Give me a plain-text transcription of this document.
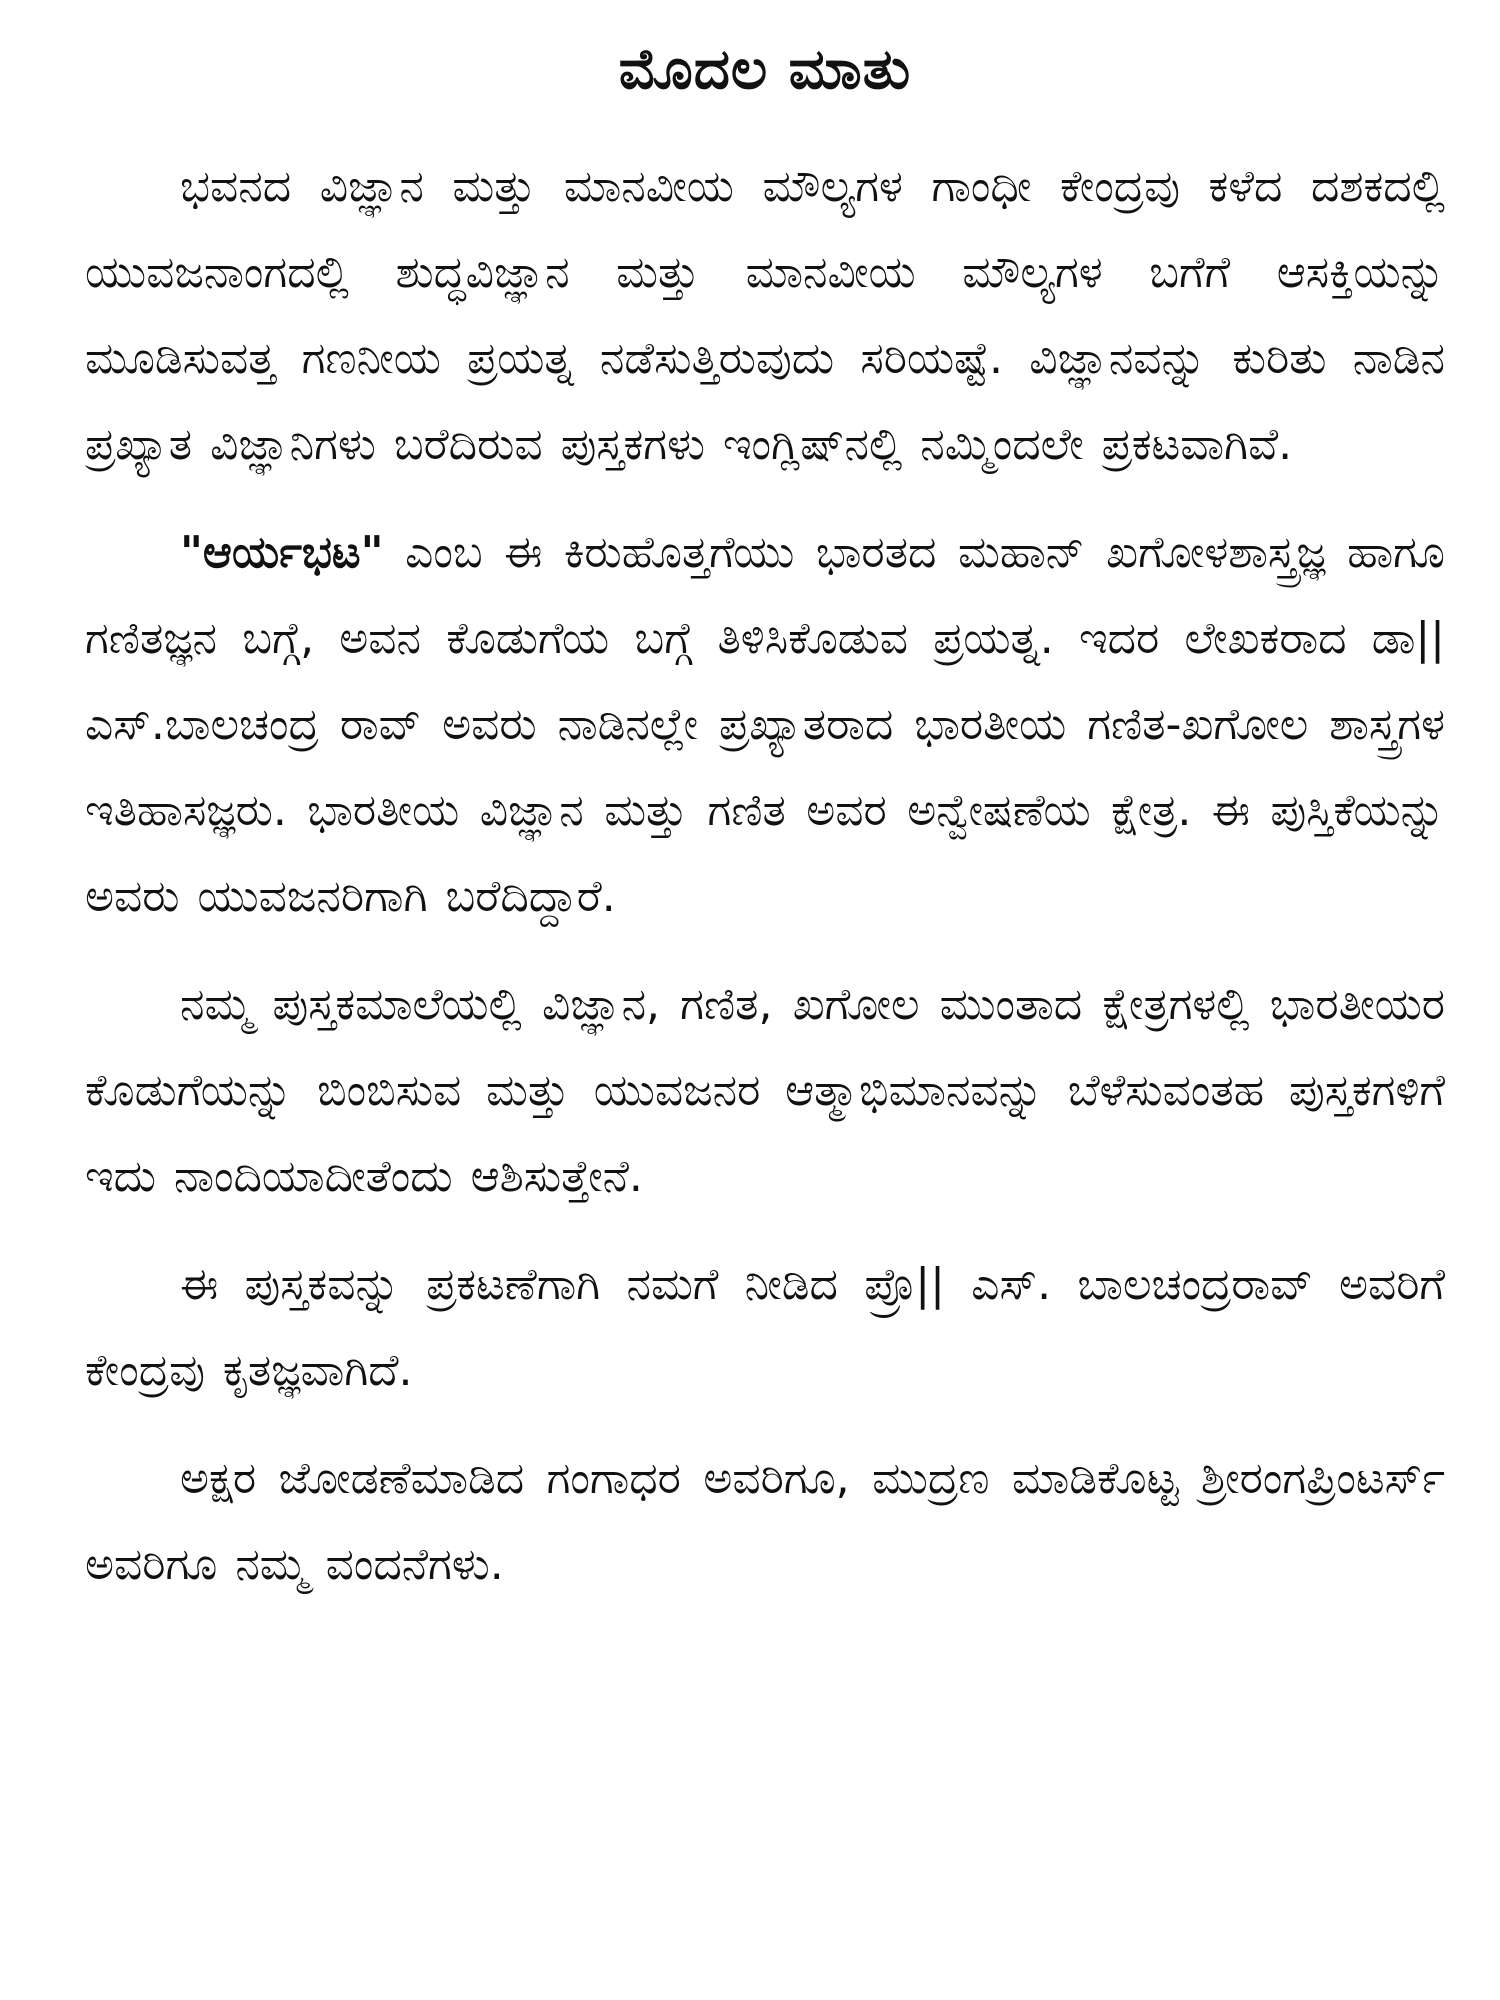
ಮೊದಲ ಮಾತು

ಭವನದ ವಿಜ್ಞಾನ ಮತ್ತು ಮಾನವೀಯ ಮೌಲ್ಯಗಳ ಗಾಂಧೀ ಕೇಂದ್ರವು ಕಳೆದ ದಶಕದಲ್ಲಿ ಯುವಜನಾಂಗದಲ್ಲಿ ಶುದ್ಧವಿಜ್ಞಾನ ಮತ್ತು ಮಾನವೀಯ ಮೌಲ್ಯಗಳ ಬಗೆಗೆ ಆಸಕ್ತಿಯನ್ನು ಮೂಡಿಸುವತ್ತ ಗಣನೀಯ ಪ್ರಯತ್ನ ನಡೆಸುತ್ತಿರುವುದು ಸರಿಯಷ್ಟೆ. ವಿಜ್ಞಾನವನ್ನು ಕುರಿತು ನಾಡಿನ ಪ್ರಖ್ಯಾತ ವಿಜ್ಞಾನಿಗಳು ಬರೆದಿರುವ ಪುಸ್ತಕಗಳು ಇಂಗ್ಲಿಷ್‌ನಲ್ಲಿ ನಮ್ಮಿಂದಲೇ ಪ್ರಕಟವಾಗಿವೆ.

"ಆರ್ಯಭಟ" ಎಂಬ ಈ ಕಿರುಹೊತ್ತಗೆಯು ಭಾರತದ ಮಹಾನ್ ಖಗೋಳಶಾಸ್ತ್ರಜ್ಞ ಹಾಗೂ ಗಣಿತಜ್ಞನ ಬಗ್ಗೆ, ಅವನ ಕೊಡುಗೆಯ ಬಗ್ಗೆ ತಿಳಿಸಿಕೊಡುವ ಪ್ರಯತ್ನ. ಇದರ ಲೇಖಕರಾದ ಡಾ|| ಎಸ್.ಬಾಲಚಂದ್ರ ರಾವ್ ಅವರು ನಾಡಿನಲ್ಲೇ ಪ್ರಖ್ಯಾತರಾದ ಭಾರತೀಯ ಗಣಿತ-ಖಗೋಲ ಶಾಸ್ತ್ರಗಳ ಇತಿಹಾಸಜ್ಞರು. ಭಾರತೀಯ ವಿಜ್ಞಾನ ಮತ್ತು ಗಣಿತ ಅವರ ಅನ್ವೇಷಣೆಯ ಕ್ಷೇತ್ರ. ಈ ಪುಸ್ತಿಕೆಯನ್ನು ಅವರು ಯುವಜನರಿಗಾಗಿ ಬರೆದಿದ್ದಾರೆ.

ನಮ್ಮ ಪುಸ್ತಕಮಾಲೆಯಲ್ಲಿ ವಿಜ್ಞಾನ, ಗಣಿತ, ಖಗೋಲ ಮುಂತಾದ ಕ್ಷೇತ್ರಗಳಲ್ಲಿ ಭಾರತೀಯರ ಕೊಡುಗೆಯನ್ನು ಬಿಂಬಿಸುವ ಮತ್ತು ಯುವಜನರ ಆತ್ಮಾಭಿಮಾನವನ್ನು ಬೆಳೆಸುವಂತಹ ಪುಸ್ತಕಗಳಿಗೆ ಇದು ನಾಂದಿಯಾದೀತೆಂದು ಆಶಿಸುತ್ತೇನೆ.

ಈ ಪುಸ್ತಕವನ್ನು ಪ್ರಕಟಣೆಗಾಗಿ ನಮಗೆ ನೀಡಿದ ಪ್ರೊ|| ಎಸ್. ಬಾಲಚಂದ್ರರಾವ್ ಅವರಿಗೆ ಕೇಂದ್ರವು ಕೃತಜ್ಞವಾಗಿದೆ.

ಅಕ್ಷರ ಜೋಡಣೆಮಾಡಿದ ಗಂಗಾಧರ ಅವರಿಗೂ, ಮುದ್ರಣ ಮಾಡಿಕೊಟ್ಟ ಶ್ರೀರಂಗಪ್ರಿಂಟರ್ಸ್ ಅವರಿಗೂ ನಮ್ಮ ವಂದನೆಗಳು.
